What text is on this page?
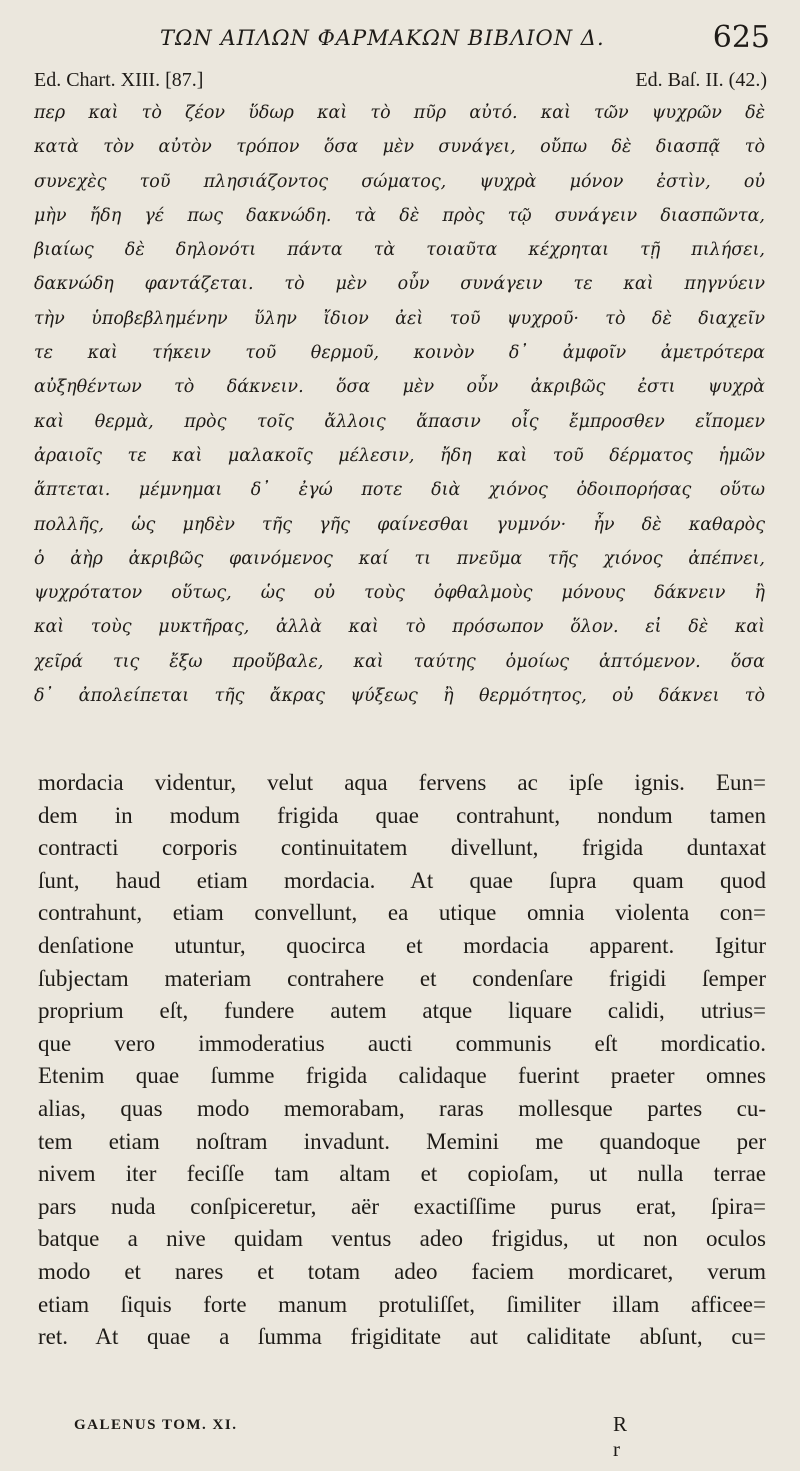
ΤΩΝ ΑΠΛΩΝ ΦΑΡΜΑΚΩΝ ΒΙΒΛΙΟΝ Δ.	625
Ed. Chart. XIII. [87.]	Ed. Baſ. II. (42.)
περ καὶ τὸ ζέον ὕδωρ καὶ τὸ πῦρ αὐτό. καὶ τῶν ψυχρῶν δὲ
κατὰ τὸν αὐτὸν τρόπον ὅσα μὲν συνάγει, οὔπω δὲ διασπᾷ τὸ
συνεχὲς τοῦ πλησιάζοντος σώματος, ψυχρὰ μόνον ἐστὶν, οὐ
μὴν ἤδη γέ πως δακνώδη. τὰ δὲ πρὸς τῷ συνάγειν διασπῶντα,
βιαίως δὲ δηλονότι πάντα τὰ τοιαῦτα κέχρηται τῇ πιλήσει,
δακνώδη φαντάζεται. τὸ μὲν οὖν συνάγειν τε καὶ πηγνύειν
τὴν ὑποβεβλημένην ὕλην ἴδιον ἀεὶ τοῦ ψυχροῦ· τὸ δὲ διαχεῖν
τε καὶ τήκειν τοῦ θερμοῦ, κοινὸν δ᾽ ἀμφοῖν ἀμετρότερα
αὐξηθέντων τὸ δάκνειν. ὅσα μὲν οὖν ἀκριβῶς ἐστι ψυχρὰ
καὶ θερμὰ, πρὸς τοῖς ἄλλοις ἅπασιν οἷς ἔμπροσθεν εἴπομεν
ἀραιοῖς τε καὶ μαλακοῖς μέλεσιν, ἤδη καὶ τοῦ δέρματος ἡμῶν
ἅπτεται. μέμνημαι δ᾽ ἐγώ ποτε διὰ χιόνος ὁδοιπορήσας οὕτω
πολλῆς, ὡς μηδὲν τῆς γῆς φαίνεσθαι γυμνόν· ἦν δὲ καθαρὸς
ὁ ἀὴρ ἀκριβῶς φαινόμενος καί τι πνεῦμα τῆς χιόνος ἀπέπνει,
ψυχρότατον οὕτως, ὡς οὐ τοὺς ὀφθαλμοὺς μόνους δάκνειν ἢ
καὶ τοὺς μυκτῆρας, ἀλλὰ καὶ τὸ πρόσωπον ὅλον. εἰ δὲ καὶ
χεῖρά τις ἔξω προὔβαλε, καὶ ταύτης ὁμοίως ἁπτόμενον. ὅσα
δ᾽ ἀπολείπεται τῆς ἄκρας ψύξεως ἢ θερμότητος, οὐ δάκνει τὸ
mordacia videntur, velut aqua fervens ac ipſe ignis. Eun=
dem in modum frigida quae contrahunt, nondum tamen
contracti corporis continuitatem divellunt, frigida duntaxat
ſunt, haud etiam mordacia. At quae ſupra quam quod
contrahunt, etiam convellunt, ea utique omnia violenta con=
denſatione utuntur, quocirca et mordacia apparent. Igitur
ſubjectam materiam contrahere et condenſare frigidi ſemper
proprium eſt, fundere autem atque liquare calidi, utrius=
que vero immoderatius aucti communis eſt mordicatio.
Etenim quae ſumme frigida calidaque fuerint praeter omnes
alias, quas modo memorabam, raras mollesque partes cu-
tem etiam noſtram invadunt. Memini me quandoque per
nivem iter feciſſe tam altam et copioſam, ut nulla terrae
pars nuda conſpiceretur, aër exactiſſime purus erat, ſpira=
batque a nive quidam ventus adeo frigidus, ut non oculos
modo et nares et totam adeo faciem mordicaret, verum
etiam ſiquis forte manum protuliſſet, ſimiliter illam afficee=
ret. At quae a ſumma frigiditate aut caliditate abſunt, cu=
GALENUS TOM. XI.	R r
